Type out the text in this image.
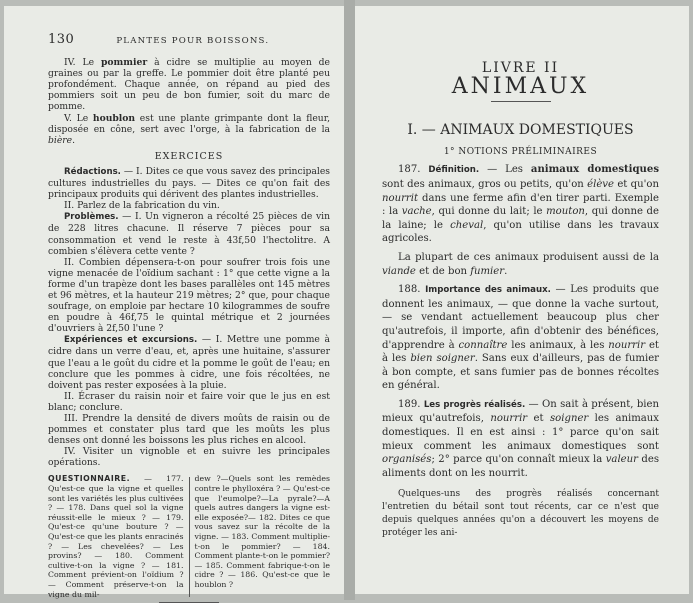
130	PLANTES POUR BOISSONS.

IV. Le pommier à cidre se multiplie au moyen de graines ou par la greffe. Le pommier doit être planté peu profondément. Chaque année, on répand au pied des pommiers soit un peu de bon fumier, soit du marc de pomme.

V. Le houblon est une plante grimpante dont la fleur, disposée en cône, sert avec l'orge, à la fabrication de la bière.

EXERCICES

Rédactions. — I. Dites ce que vous savez des principales cultures industrielles du pays. — Dites ce qu'on fait des principaux produits qui dérivent des plantes industrielles.

II. Parlez de la fabrication du vin.

Problèmes. — I. Un vigneron a récolté 25 pièces de vin de 228 litres chacune. Il réserve 7 pièces pour sa consommation et vend le reste à 43f,50 l'hectolitre. A combien s'élèvera cette vente ?

II. Combien dépensera-t-on pour soufrer trois fois une vigne menacée de l'oïdium sachant : 1° que cette vigne a la forme d'un trapèze dont les bases parallèles ont 145 mètres et 96 mètres, et la hauteur 219 mètres; 2° que, pour chaque soufrage, on emploie par hectare 10 kilogrammes de soufre en poudre à 46f,75 le quintal métrique et 2 journées d'ouvriers à 2f,50 l'une ?

Expériences et excursions. — I. Mettre une pomme à cidre dans un verre d'eau, et, après une huitaine, s'assurer que l'eau a le goût du cidre et la pomme le goût de l'eau; en conclure que les pommes à cidre, une fois récoltées, ne doivent pas rester exposées à la pluie.

II. Écraser du raisin noir et faire voir que le jus en est blanc; conclure.

III. Prendre la densité de divers moûts de raisin ou de pommes et constater plus tard que les moûts les plus denses ont donné les boissons les plus riches en alcool.

IV. Visiter un vignoble et en suivre les principales opérations.

QUESTIONNAIRE. — 177. Qu'est-ce que la vigne et quelles sont les variétés les plus cultivées ? — 178. Dans quel sol la vigne réussit-elle le mieux ? — 179. Qu'est-ce qu'une bouture ? — Qu'est-ce que les plants enracinés ? — Les chevelées? — Les provins? — 180. Comment cultive-t-on la vigne ? — 181. Comment prévient-on l'oïdium ? — Comment préserve-t-on la vigne du mil-
dew ?—Quels sont les remèdes contre le phylloxéra ? — Qu'est-ce que l'eumolpe?—La pyrale?—A quels autres dangers la vigne est-elle exposée?— 182. Dites ce que vous savez sur la récolte de la vigne. — 183. Comment multiplie-t-on le pommier? — 184. Comment plante-t-on le pommier? — 185. Comment fabrique-t-on le cidre ? — 186. Qu'est-ce que le houblon ?
LIVRE II
ANIMAUX
I. — ANIMAUX DOMESTIQUES
1° NOTIONS PRÉLIMINAIRES

187. Définition. — Les animaux domestiques sont des animaux, gros ou petits, qu'on élève et qu'on nourrit dans une ferme afin d'en tirer parti. Exemple : la vache, qui donne du lait; le mouton, qui donne de la laine; le cheval, qu'on utilise dans les travaux agricoles.

La plupart de ces animaux produisent aussi de la viande et de bon fumier.

188. Importance des animaux. — Les produits que donnent les animaux, — que donne la vache surtout, — se vendant actuellement beaucoup plus cher qu'autrefois, il importe, afin d'obtenir des bénéfices, d'apprendre à connaître les animaux, à les nourrir et à les bien soigner. Sans eux d'ailleurs, pas de fumier à bon compte, et sans fumier pas de bonnes récoltes en général.

189. Les progrès réalisés. — On sait à présent, bien mieux qu'autrefois, nourrir et soigner les animaux domestiques. Il en est ainsi : 1° parce qu'on sait mieux comment les animaux domestiques sont organisés; 2° parce qu'on connaît mieux la valeur des aliments dont on les nourrit.

Quelques-uns des progrès réalisés concernant l'entretien du bétail sont tout récents, car ce n'est que depuis quelques années qu'on a découvert les moyens de protéger les ani-
